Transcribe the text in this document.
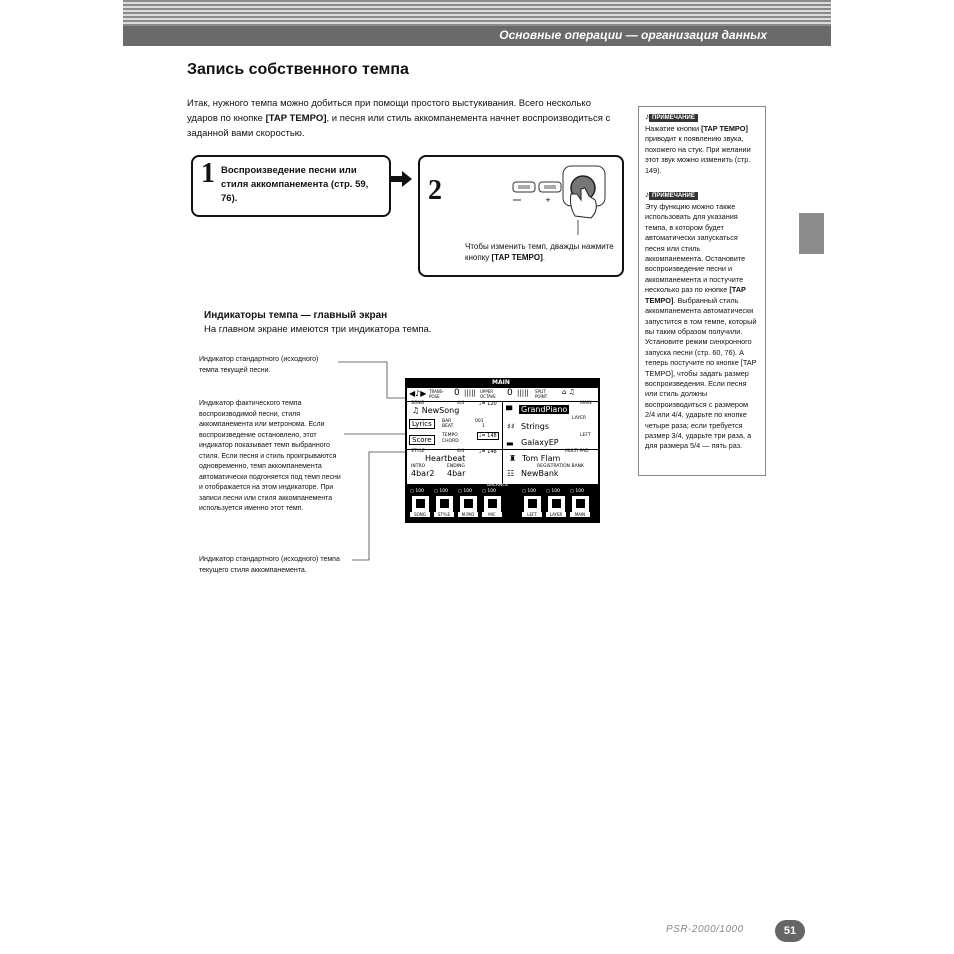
Основные операции — организация данных
Запись собственного темпа
Итак, нужного темпа можно добиться при помощи простого выстукивания. Всего несколько ударов по кнопке [TAP TEMPO], и песня или стиль аккомпанемента начнет воспроизводиться с заданной вами скоростью.
1 Воспроизведение песни или стиля аккомпанемента (стр. 59, 76).	2	+
Чтобы изменить темп, дважды нажмите кнопку [TAP TEMPO].
♪ ПРИМЕЧАНИЕ
Нажатие кнопки [TAP TEMPO] приводит к появлению звука, похожего на стук. При желании этот звук можно изменить (стр. 149).
♪ ПРИМЕЧАНИЕ
Эту функцию можно также использовать для указания темпа, в котором будет автоматически запускаться песня или стиль аккомпанемента. Остановите воспроизведение песни и аккомпанемента и постучите несколько раз по кнопке [TAP TEMPO]. Выбранный стиль аккомпанемента автоматически запустится в том темпе, который вы таким образом получили. Установите режим синхронного запуска песни (стр. 60, 76). А теперь постучите по кнопке [TAP TEMPO], чтобы задать размер воспроизведения. Если песня или стиль должны воспроизводиться с размером 2/4 или 4/4, ударьте по кнопке четыре раза; если требуется размер 3/4, ударьте три раза, а для размера 5/4 — пять раз.
Индикаторы темпа — главный экран
На главном экране имеются три индикатора темпа.
Индикатор стандартного (исходного) темпа текущей песни.
Индикатор фактического темпа воспроизводимой песни, стиля аккомпанемента или метронома. Если воспроизведение остановлено, этот индикатор показывает темп выбранного стиля. Если песня и стиль проигрываются одновременно, темп аккомпанемента автоматически подгоняется под темп песни и отображается на этом индикаторе. При записи песни или стиля аккомпанемента используется именно этот темп.
Индикатор стандартного (исходного) темпа текущего стиля аккомпанемента.
MAIN
◀♪▶ TRANS-POSE	0 ||||| UPPER OCTAVE	0 ||||| SPLIT POINT
⌂ ♫
SONG	4/4	♩= 120
♫ NewSong
Lyrics	BAR	001
BEAT	1
Score
TEMPO	♩= 148
CHORD
STYLE	4/4	♩= 148
Heartbeat
INTRO	ENDING
4bar2 4bar
MAIN
▀ GrandPiano
LAYER
♯♯ Strings
LEFT
▬ GalaxyEP
MULTI PAD
♜ Tom Flam
REGISTRATION BANK
☷ NewBank
BALANCE
○ 100
SONG
○ 100
STYLE
○ 100
M.PAD
○ 100
MIC
○ 100
LEFT
○ 100
LAYER
○ 100
MAIN
PSR-2000/1000	51
